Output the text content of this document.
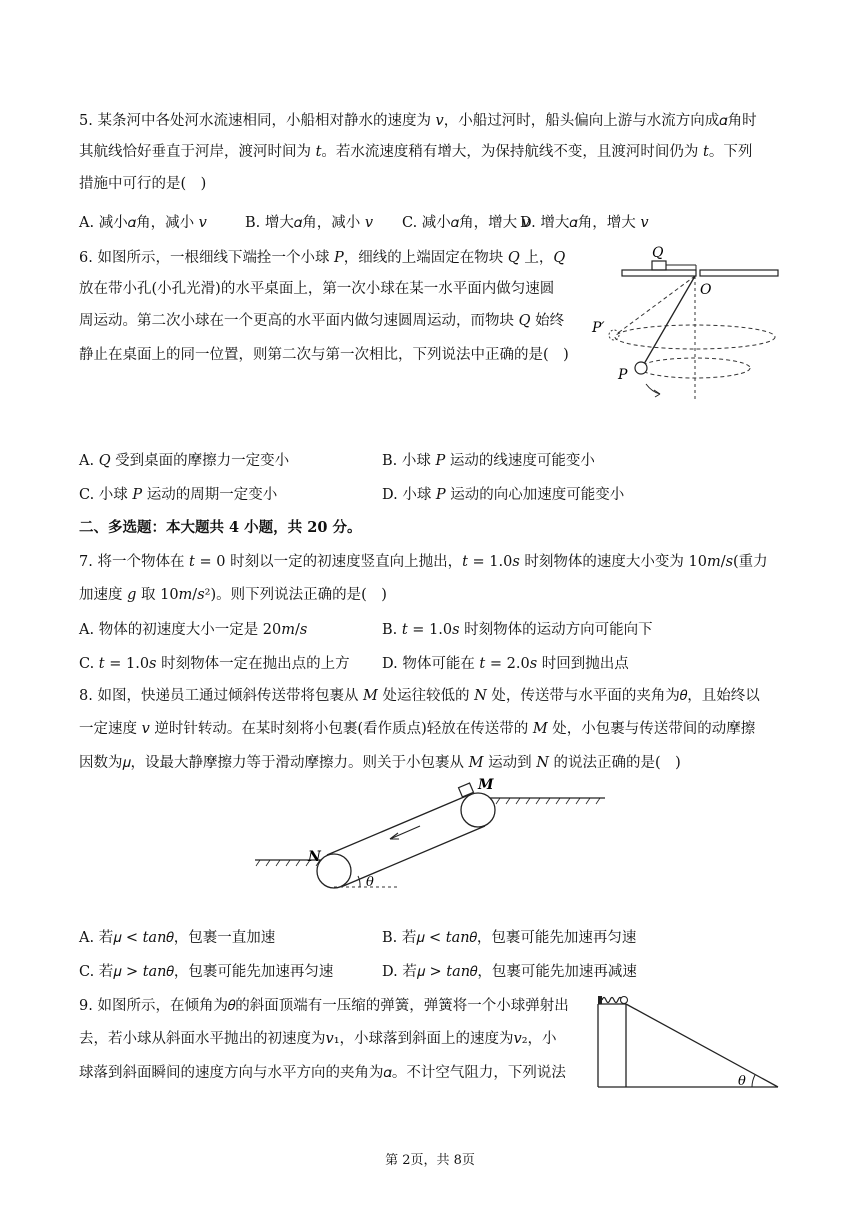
5. 某条河中各处河水流速相同，小船相对静水的速度为 𝑣，小船过河时，船头偏向上游与水流方向成𝛼角时
其航线恰好垂直于河岸，渡河时间为 𝑡。若水流速度稍有增大，为保持航线不变，且渡河时间仍为 𝑡。下列
措施中可行的是(　)
A. 减小𝛼角，减小 𝑣	B. 增大𝛼角，减小 𝑣 C. 减小𝛼角，增大 𝑣
D. 增大𝛼角，增大 𝑣
6. 如图所示，一根细线下端拴一个小球 𝑃，细线的上端固定在物块 𝑄 上，𝑄
放在带小孔(小孔光滑)的水平桌面上，第一次小球在某一水平面内做匀速圆
周运动。第二次小球在一个更高的水平面内做匀速圆周运动，而物块 𝑄 始终
静止在桌面上的同一位置，则第二次与第一次相比，下列说法中正确的是(　)
Q
O
P′
P
A. 𝑄 受到桌面的摩擦力一定变小	B. 小球 𝑃 运动的线速度可能变小
C. 小球 𝑃 运动的周期一定变小	D. 小球 𝑃 运动的向心加速度可能变小
二、多选题：本大题共 4 小题，共 20 分。
7. 将一个物体在 𝑡 = 0 时刻以一定的初速度竖直向上抛出，𝑡 = 1.0𝑠 时刻物体的速度大小变为 10𝑚/𝑠(重力
加速度 𝑔 取 10𝑚/𝑠²)。则下列说法正确的是(　)
A. 物体的初速度大小一定是 20𝑚/𝑠	B. 𝑡 = 1.0𝑠 时刻物体的运动方向可能向下
C. 𝑡 = 1.0𝑠 时刻物体一定在抛出点的上方 D. 物体可能在 𝑡 = 2.0𝑠 时回到抛出点
8. 如图，快递员工通过倾斜传送带将包裹从 𝑀 处运往较低的 𝑁 处，传送带与水平面的夹角为𝜃，且始终以
一定速度 𝑣 逆时针转动。在某时刻将小包裹(看作质点)轻放在传送带的 𝑀 处，小包裹与传送带间的动摩擦
因数为𝜇，设最大静摩擦力等于滑动摩擦力。则关于小包裹从 𝑀 运动到 𝑁 的说法正确的是(　)
N
M
θ
A. 若𝜇 < 𝑡𝑎𝑛𝜃，包裹一直加速	B. 若𝜇 < 𝑡𝑎𝑛𝜃，包裹可能先加速再匀速
C. 若𝜇 > 𝑡𝑎𝑛𝜃，包裹可能先加速再匀速	D. 若𝜇 > 𝑡𝑎𝑛𝜃，包裹可能先加速再减速
9. 如图所示，在倾角为𝜃的斜面顶端有一压缩的弹簧，弹簧将一个小球弹射出
去，若小球从斜面水平抛出的初速度为𝑣₁，小球落到斜面上的速度为𝑣₂，小
球落到斜面瞬间的速度方向与水平方向的夹角为𝛼。不计空气阻力，下列说法
θ
第 2页，共 8页
